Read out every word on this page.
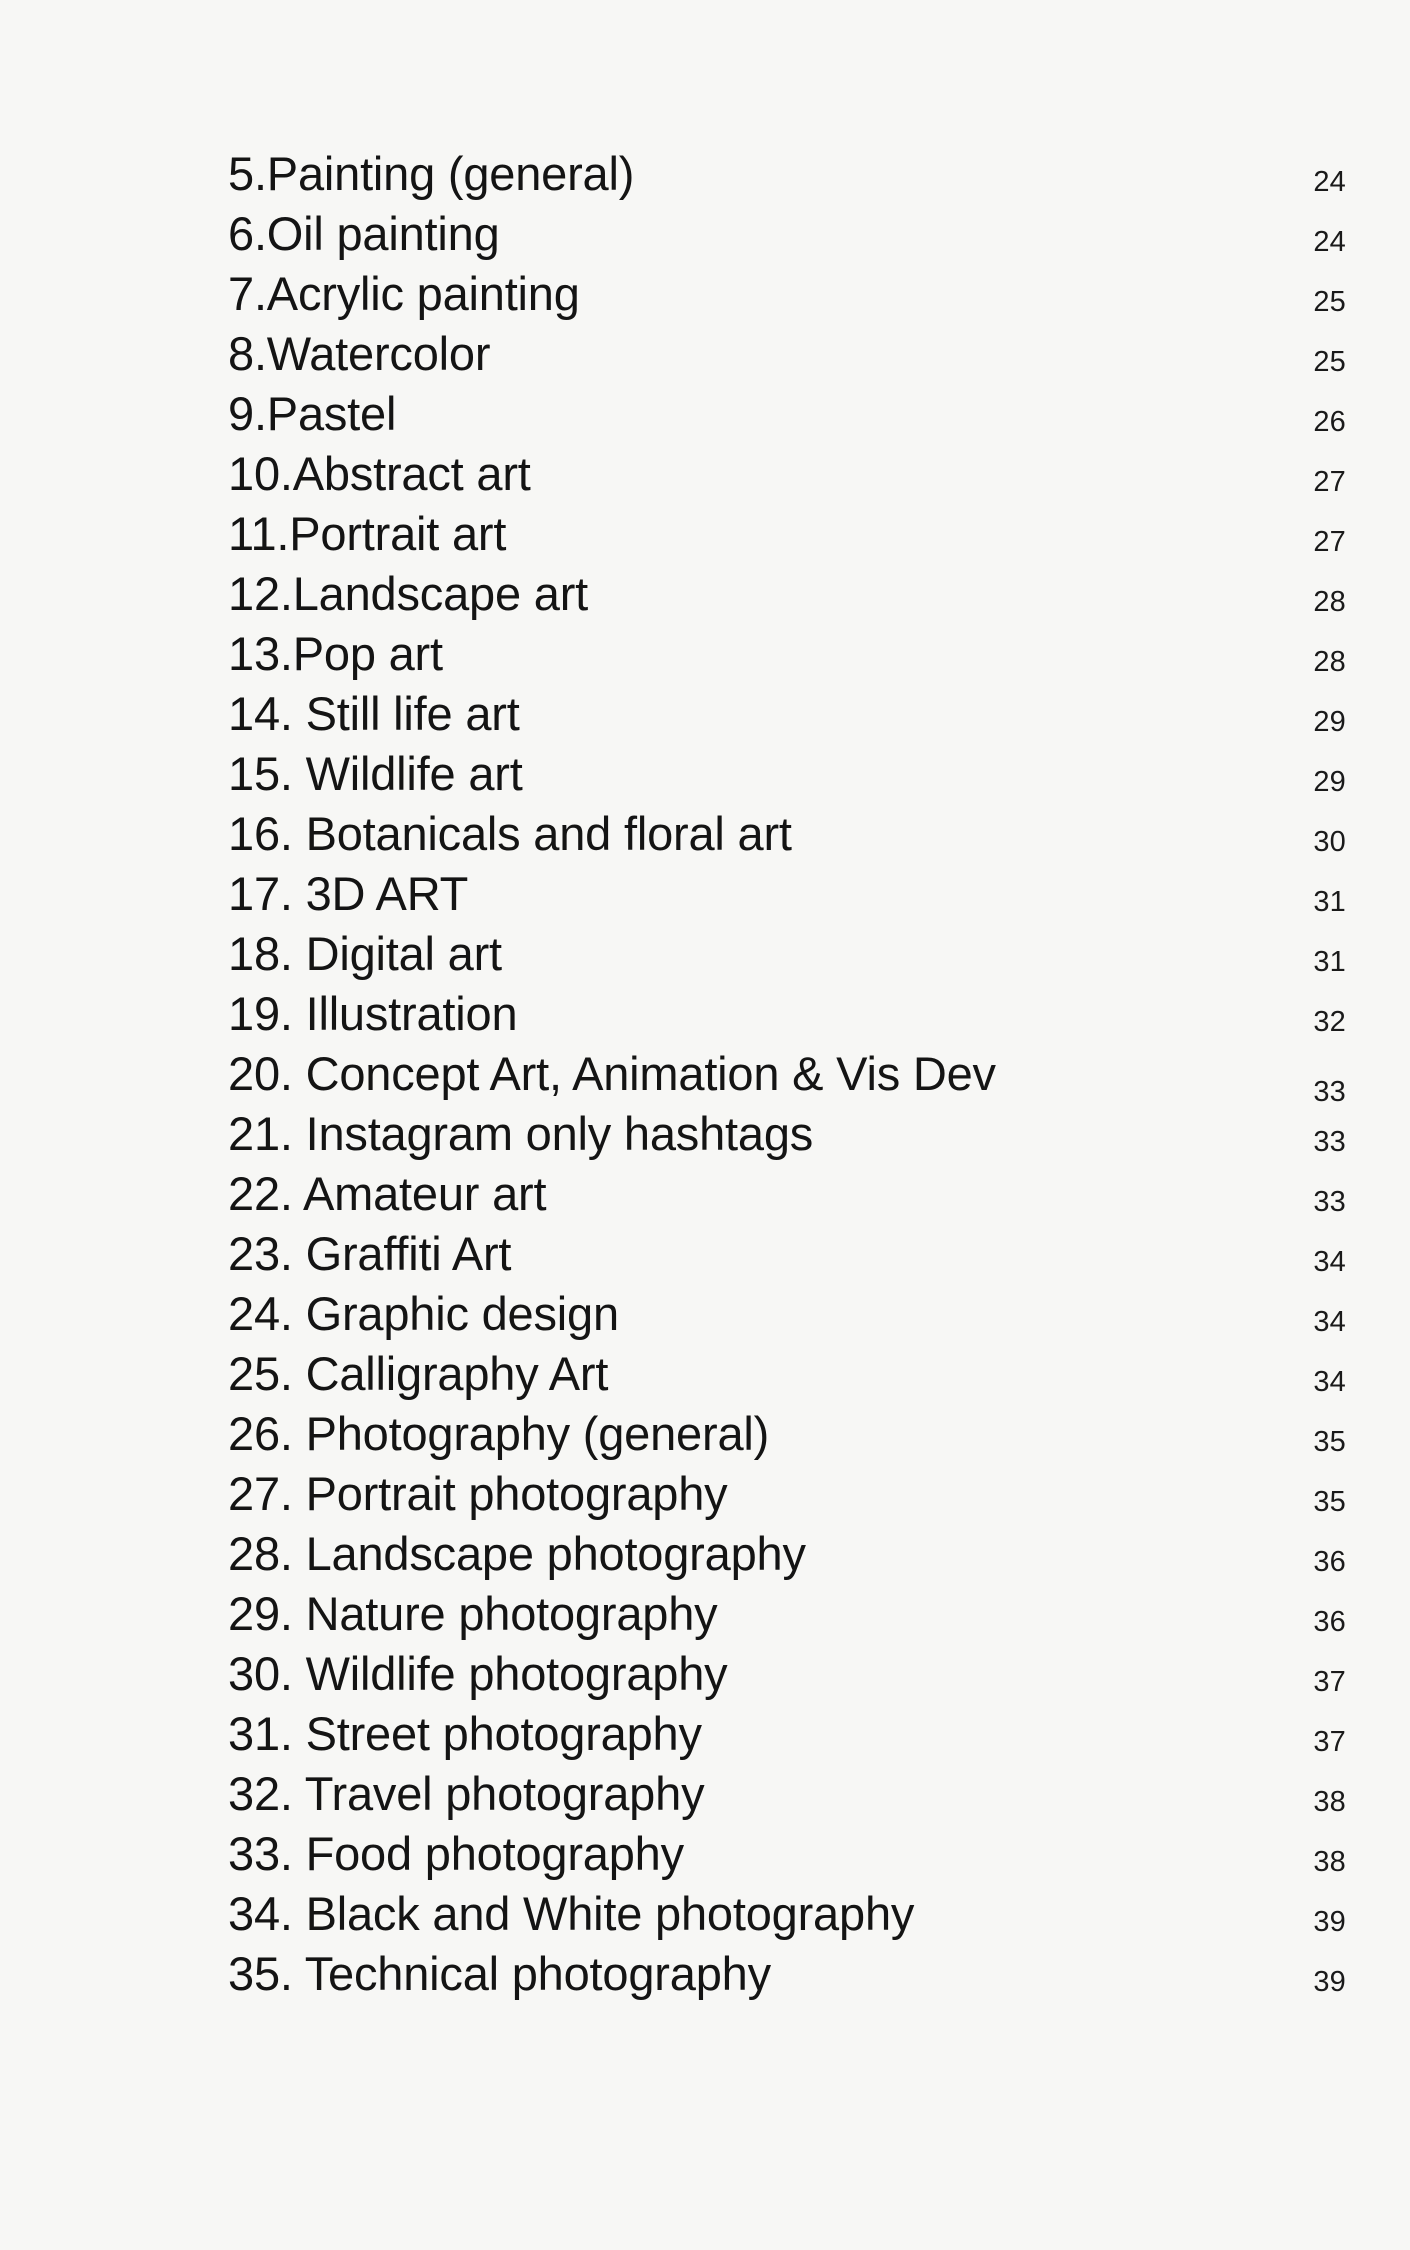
5.Painting (general)	24
6.Oil painting	24
7.Acrylic painting	25
8.Watercolor	25
9.Pastel	26
10.Abstract art	27
11.Portrait art	27
12.Landscape art	28
13.Pop art	28
14. Still life art	29
15. Wildlife art	29
16. Botanicals and floral art	30
17. 3D ART	31
18. Digital art	31
19. Illustration	32
20. Concept Art, Animation & Vis Dev	33
21. Instagram only hashtags	33
22. Amateur art	33
23. Graffiti Art	34
24. Graphic design	34
25. Calligraphy Art	34
26. Photography (general)	35
27. Portrait photography	35
28. Landscape photography	36
29. Nature photography	36
30. Wildlife photography	37
31. Street photography	37
32. Travel photography	38
33. Food photography	38
34. Black and White photography	39
35. Technical photography	39
